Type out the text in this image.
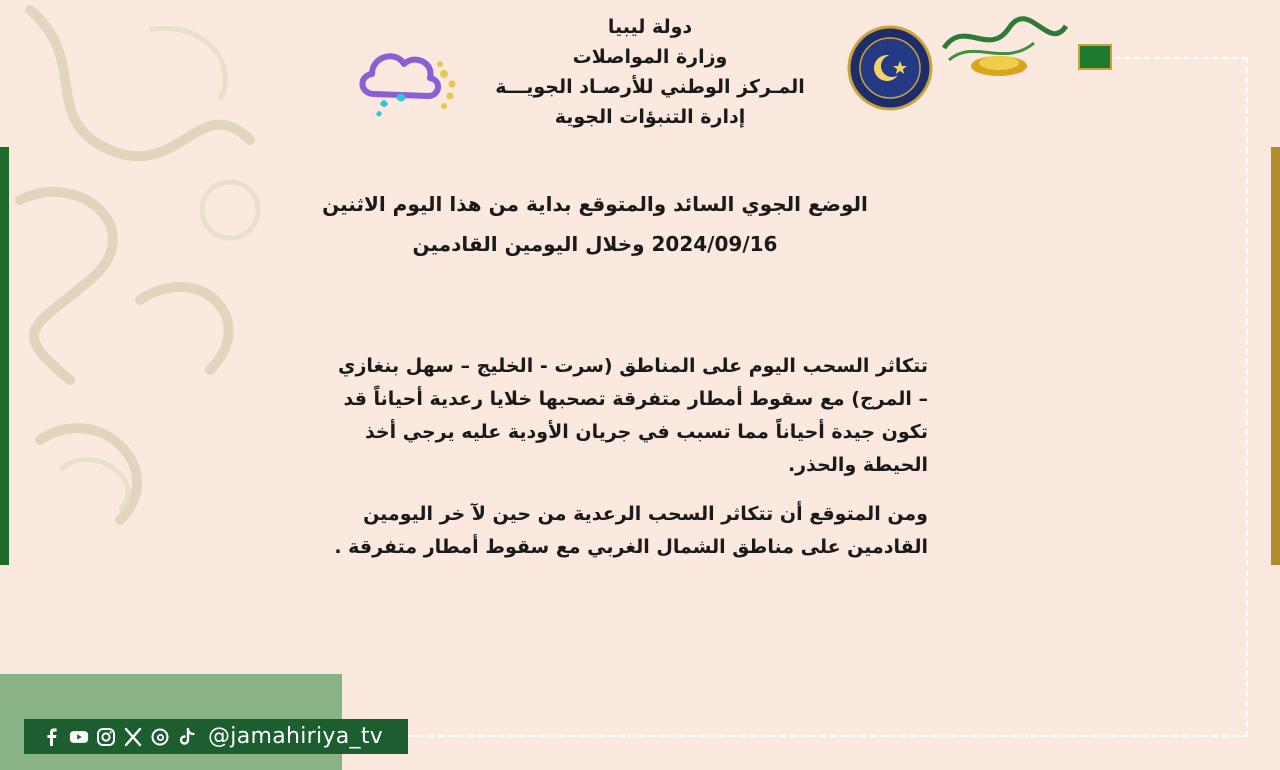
دولة ليبيا
وزارة المواصلات
المـركز الوطني للأرصـاد الجويـــة
إدارة التنبؤات الجوية
الوضع الجوي السائد والمتوقع بداية من هذا اليوم الاثنين
2024/09/16 وخلال اليومين القادمين
تتكاثر السحب اليوم على المناطق (سرت - الخليج – سهل بنغازي
– المرج) مع سقوط أمطار متفرقة تصحبها خلايا رعدية أحياناً قد
تكون جيدة أحياناً مما تسبب في جريان الأودية عليه يرجي أخذ
الحيطة والحذر.
ومن المتوقع أن تتكاثر السحب الرعدية من حين لآ خر اليومين
القادمين على مناطق الشمال الغربي مع سقوط أمطار متفرقة .
@jamahiriya_tv
